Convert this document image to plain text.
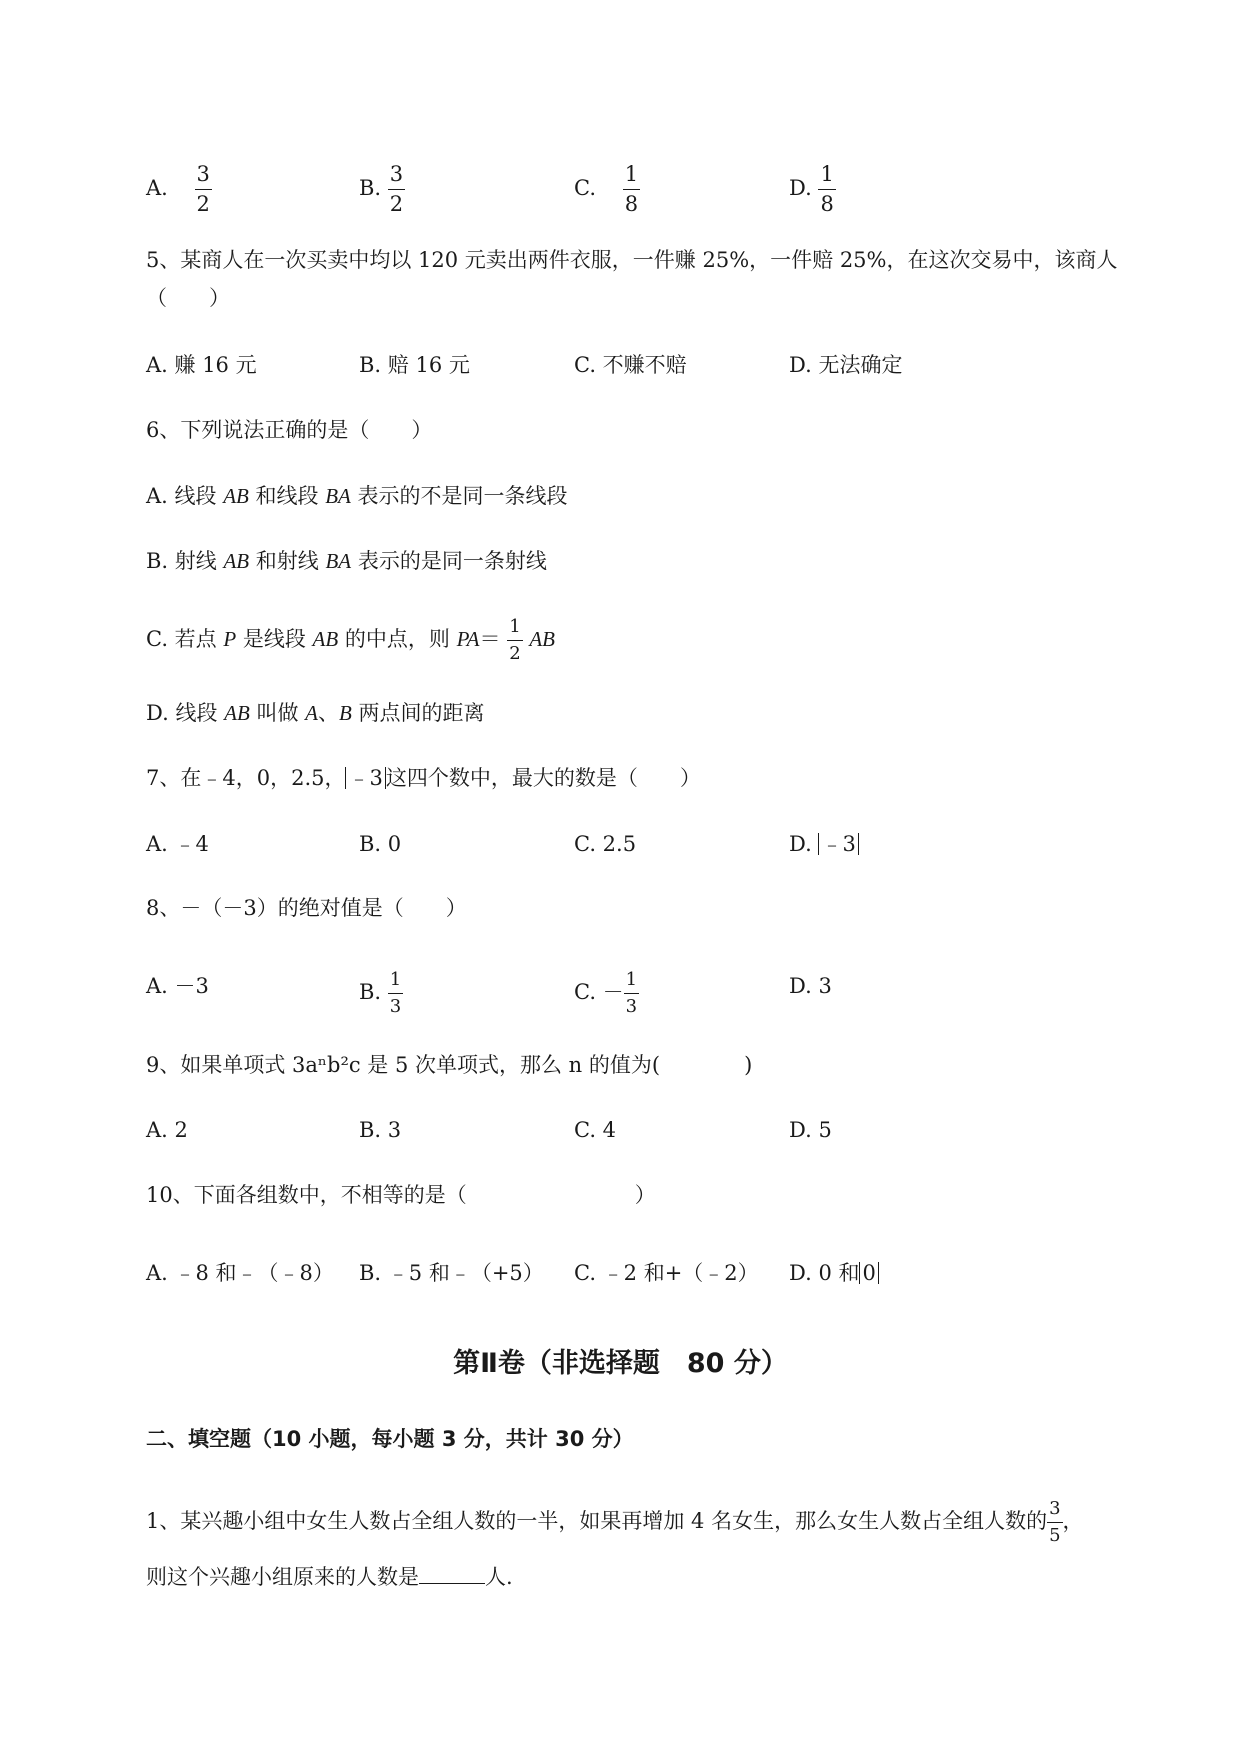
A. $\frac{3}{2}$	B. $\frac{3}{2}$	C. $\frac{1}{8}$	D. $\frac{1}{8}$
5、某商人在一次买卖中均以 120 元卖出两件衣服，一件赚 25%，一件赔 25%，在这次交易中，该商人
（　　）
A. 赚 16 元	B. 赔 16 元	C. 不赚不赔	D. 无法确定
6、下列说法正确的是（　　）
A. 线段 AB 和线段 BA 表示的不是同一条线段
B. 射线 AB 和射线 BA 表示的是同一条射线
C. 若点 P 是线段 AB 的中点，则 $PA= \frac{1}{2}$ AB
D. 线段 AB 叫做 A、B 两点间的距离
7、在﹣4，0，2.5， ﹣3 这四个数中，最大的数是（　　）
A. ﹣4	B. 0	C. 2.5	D. ﹣3
8、－（－3）的绝对值是（　　）
A. －3	B. $\frac{1}{3}$	C. － $\frac{1}{3}$	D. 3
9、如果单项式 3aⁿb²c 是 5 次单项式，那么 n 的值为(　　　　)
A. 2	B. 3	C. 4	D. 5
10、下面各组数中，不相等的是（　　　　　　　　）
A. ﹣8 和﹣（﹣8） B. ﹣5 和﹣（+5） C. ﹣2 和+（﹣2） D. 0 和 0
第Ⅱ卷（非选择题　80 分）
二、填空题（10 小题，每小题 3 分，共计 30 分）
1、某兴趣小组中女生人数占全组人数的一半，如果再增加 4 名女生，那么女生人数占全组人数的 $\frac{3}{5}$ ，
则这个兴趣小组原来的人数是	人.
